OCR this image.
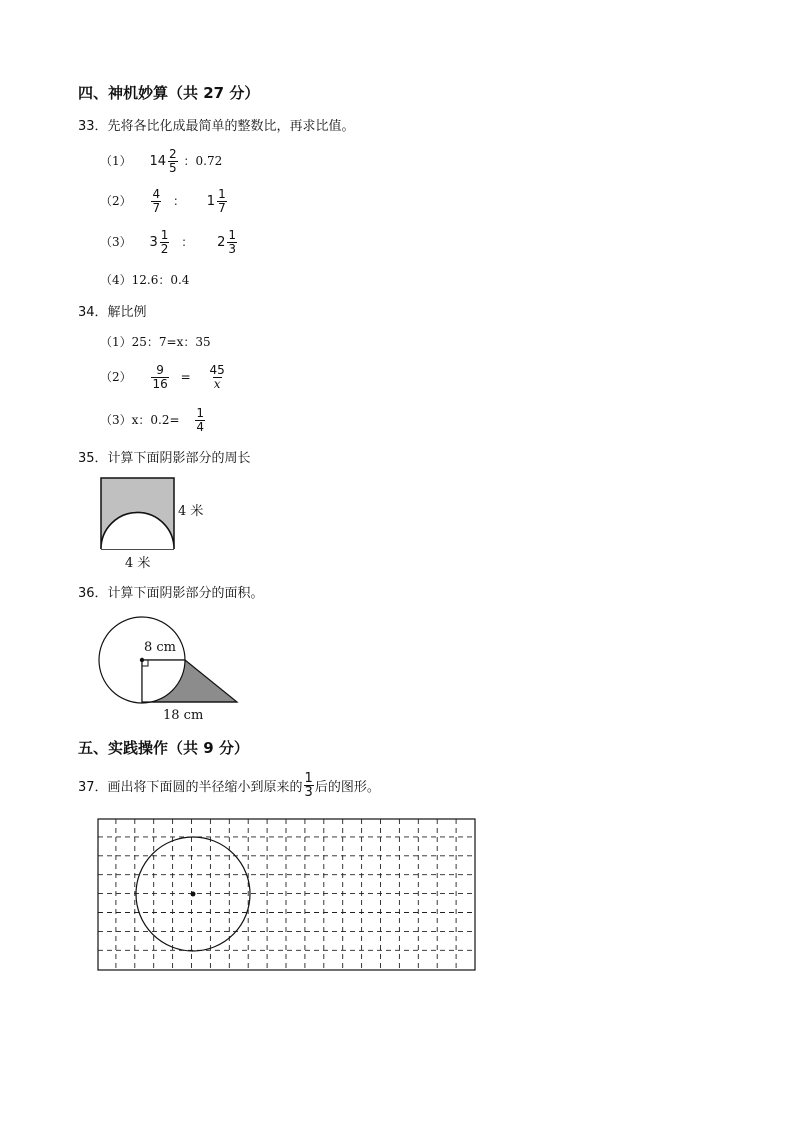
四、神机妙算（共 27 分）
33．先将各比化成最简单的整数比，再求比值。
（1） $14 \frac{2}{5}$ ：0.72
$(2) \frac{4}{7}$ ： $1 \frac{1}{7}$
（3） $3 \frac{1}{2}$ ： $2 \frac{1}{3}$
（4）12.6：0.4
34．解比例
（1）25：7=x：35
$(2) \frac{9}{16} = \frac{45}{x}$
（3）x：$0.2= \frac{1}{4}$
35．计算下面阴影部分的周长
4 米
4 米
36．计算下面阴影部分的面积。
8 cm
18 cm
五、实践操作（共 9 分）
37．画出将下面圆的半径缩小到原来的 $\frac{1}{3}$ 后的图形。
